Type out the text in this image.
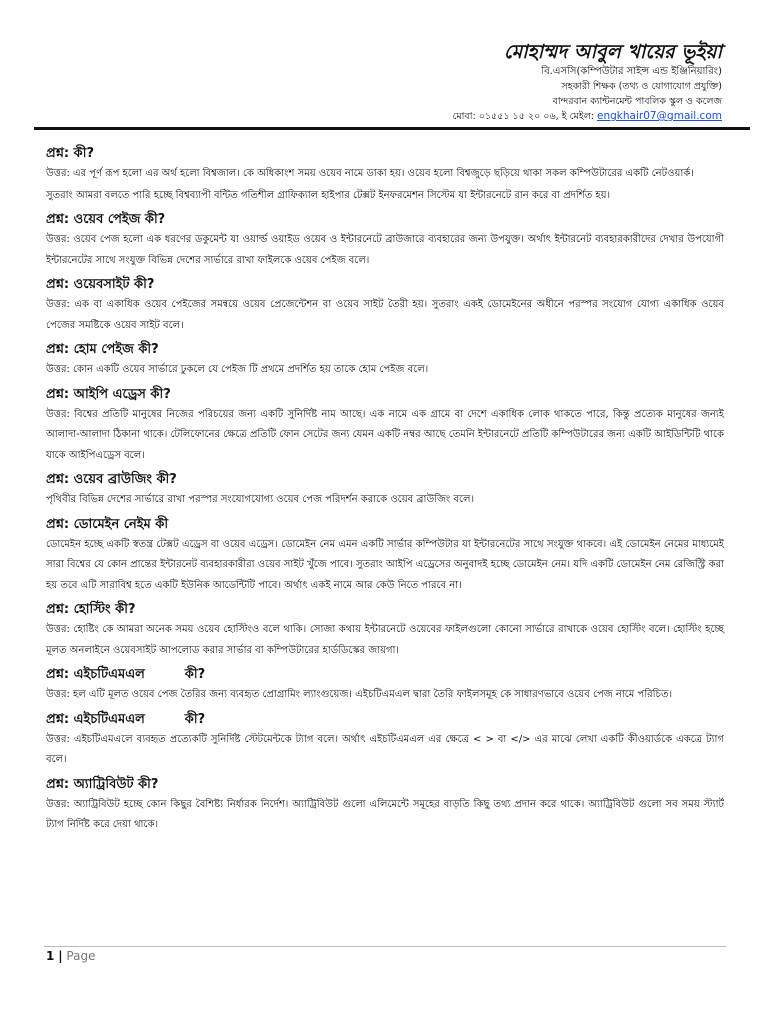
মোহাম্মদ আবুল খায়ের ভূইয়া
বি.এসসি(কম্পিউটার সাইন্স এন্ড ইঞ্জিনিয়ারিং)
সহকারী শিক্ষক (তথ্য ও যোগাযোগ প্রযুক্তি)
বান্দরবান ক্যান্টনমেন্ট পাবলিক স্কুল ও কলেজ
মোবা: ০১৫৫১ ১৫ ২০ ০৬, ই মেইল: engkhair07@gmail.com
প্রশ্ন: কী?
উত্তর: এর পূর্ণ রূপ হলো এর অর্থ হলো বিশ্বজাল। কে অধিকাংশ সময় ওয়েব নামে ডাকা হয়। ওয়েব হলো বিশ্বজুড়ে ছড়িয়ে থাকা সকল কম্পিউটারের একটি নেটওয়ার্ক।
সুতরাং আমরা বলতে পারি হচ্ছে বিশ্বব্যাপী বন্টিত গতিশীল গ্রাফিক্যাল হাইপার টেক্সট ইনফরমেশন সিস্টেম যা ইন্টারনেটে রান করে বা প্রদর্শিত হয়।
প্রশ্ন: ওয়েব পেইজ কী?
উত্তর: ওয়েব পেজ হলো এক ধরণের ডকুমেন্ট যা ওয়ার্ল্ড ওয়াইড ওয়েব ও ইন্টারনেটে ব্রাউজারে ব্যবহারের জন্য উপযুক্ত। অর্থাৎ ইন্টারনেট ব্যবহারকারীদের দেখার উপযোগী ইন্টারনেটের সাথে সংযুক্ত বিভিন্ন দেশের সার্ভারে রাখা ফাইলকে ওয়েব পেইজ বলে।
প্রশ্ন: ওয়েবসাইট কী?
উত্তর: এক বা একাধিক ওয়েব পেইজের সমন্বয়ে ওয়েব প্রেজেন্টেশন বা ওয়েব সাইট তৈরী হয়। সুতরাং একই ডোমেইনের অধীনে পরস্পর সংযোগ যোগ্য একাধিক ওয়েব পেজের সমষ্টিকে ওয়েব সাইট বলে।
প্রশ্ন: হোম পেইজ কী?
উত্তর: কোন একটি ওয়েব সার্ভারে ঢুকলে যে পেইজ টি প্রথমে প্রদর্শিত হয় তাকে হোম পেইজ বলে।
প্রশ্ন: আইপি এড্রেস কী?
উত্তর: বিশ্বের প্রতিটি মানুষের নিজের পরিচয়ের জন্য একটি সুনির্দিষ্ট নাম আছে। এক নামে এক গ্রামে বা দেশে একাধিক লোক থাকতে পারে, কিন্তু প্রত্যেক মানুষের জন্যই আলাদা-আলাদা ঠিকানা থাকে। টেলিফোনের ক্ষেত্রে প্রতিটি ফোন সেটের জন্য যেমন একটি নম্বর আছে তেমনি ইন্টারনেটে প্রতিটি কম্পিউটারের জন্য একটি আইডিন্টিটি থাকে যাকে আইপিএড্রেস বলে।
প্রশ্ন: ওয়েব ব্রাউজিং কী?
পৃথিবীর বিভিন্ন দেশের সার্ভারে রাখা পরস্পর সংযোগযোগ্য ওয়েব পেজ পরিদর্শন করাকে ওয়েব ব্রাউজিং বলে।
প্রশ্ন: ডোমেইন নেইম কী
ডোমেইন হচ্ছে একটি স্বতন্ত্র টেক্সট এড্রেস বা ওয়েব এড্রেস। ডোমেইন নেম এমন একটি সার্ভার কম্পিউটার যা ইন্টারনেটের সাথে সংযুক্ত থাকবে। এই ডোমেইন নেমের মাধ্যমেই সারা বিশ্বের যে কোন প্রান্তের ইন্টারনেট ব্যবহারকারীরা ওয়েব সাইট খুঁজে পাবে। সুতরাং আইপি এড্রেসের অনুবাদই হচ্ছে ডোমেইন নেম। যদি একটি ডোমেইন নেম রেজিস্ট্রি করা হয় তবে এটি সারাবিশ্ব হতে একটি ইউনিক আডেন্টিটি পাবে। অর্থাৎ একই নামে আর কেউ নিতে পারবে না।
প্রশ্ন: হোস্টিং কী?
উত্তর: হোষ্টিং কে আমরা অনেক সময় ওয়েব হোস্টিংও বলে থাকি। সোজা কথায় ইন্টারনেটে ওয়েবের ফাইলগুলো কোনো সার্ভারে রাখাকে ওয়েব হোস্টিং বলে। হোস্টিং হচ্ছে মূলত অনলাইনে ওয়েবসাইট আপলোড করার সার্ভার বা কম্পিউটারের হার্ডডিস্কের জায়গা।
প্রশ্ন: এইচটিএমএল	কী?
উত্তর: হল এটি মূলত ওয়েব পেজ তৈরির জন্য ব্যবহৃত প্রোগ্রামিং ল্যাংগুয়েজ। এইচটিএমএল দ্বারা তৈরি ফাইলসমূহ কে সাধারণভাবে ওয়েব পেজ নামে পরিচিত।
প্রশ্ন: এইচটিএমএল	কী?
উত্তর: এইচটিএমএলে ব্যবহৃত প্রত্যেকটি সুনির্দিষ্ট স্টেটমেন্টকে ট্যাগ বলে। অর্থাৎ এইচটিএমএল এর ক্ষেত্রে < > বা </> এর মাঝে লেখা একটি কীওয়ার্ডকে একত্রে ট্যাগ বলে।
প্রশ্ন: অ্যাট্রিবিউট কী?
উত্তর: অ্যাট্রিবিউট হচ্ছে কোন কিছুর বৈশিষ্ট্য নির্ধারক নির্দেশ। অ্যাট্রিবিউট গুলো এলিমেন্টে সমূহের বাড়তি কিছু তথ্য প্রদান করে থাকে। অ্যাট্রিবিউট গুলো সব সময় স্ট্যার্ট ট্যাগ নির্দিষ্ট করে দেয়া থাকে।
1 | Page
